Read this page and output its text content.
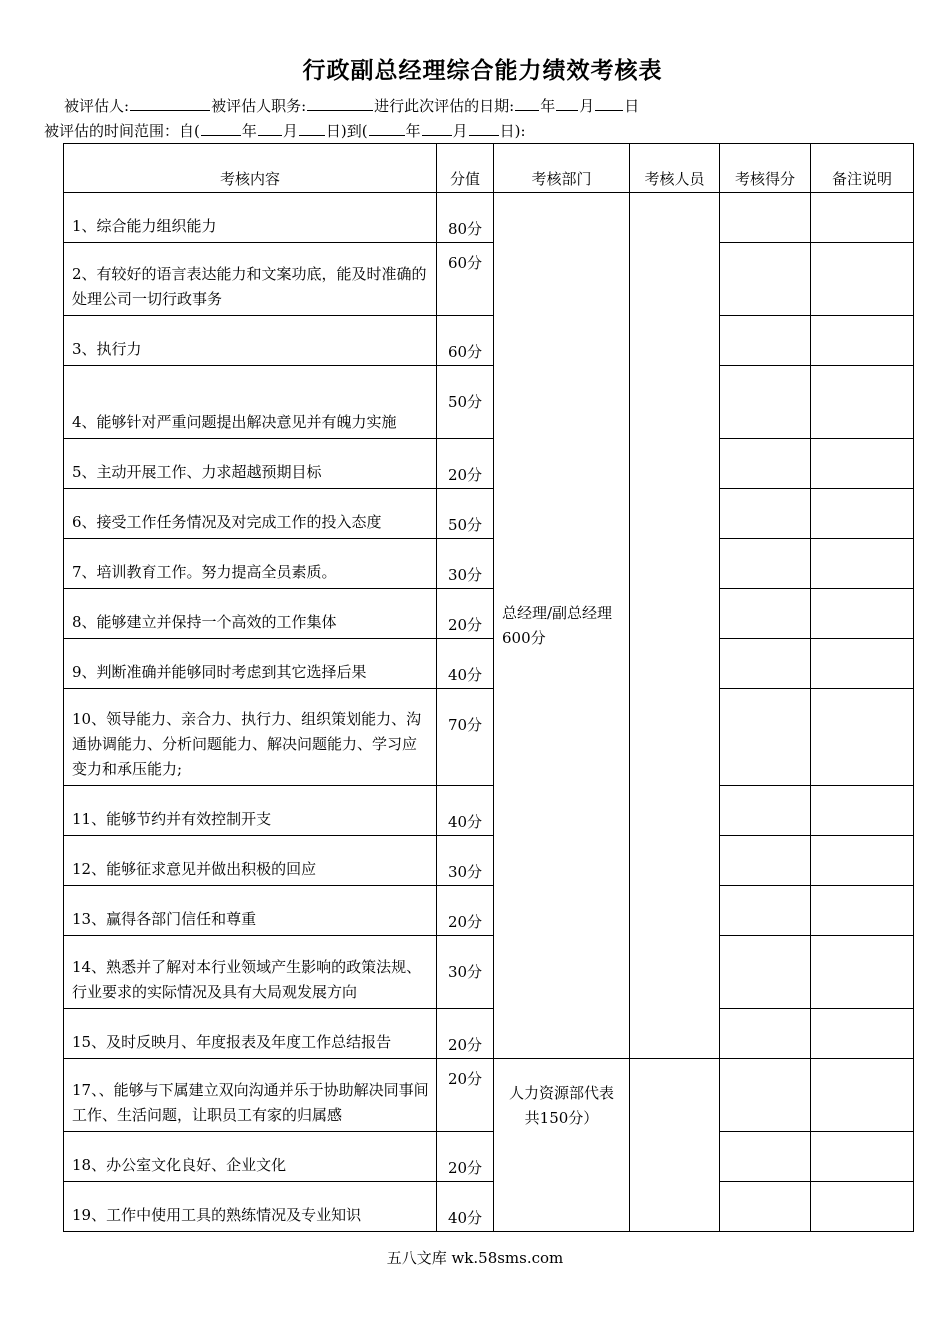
行政副总经理综合能力绩效考核表
被评估人:	被评估人职务:	进行此次评估的日期: 年 月 日
被评估的时间范围：自(	年 月 日)到(	年 月 日):
考核内容	分值	考核部门	考核人员	考核得分	备注说明
1、综合能力组织能力	80分	总经理/副总经理600分			
2、有较好的语言表达能力和文案功底，能及时准确的处理公司一切行政事务	60分				
3、执行力	60分				
4、能够针对严重问题提出解决意见并有魄力实施	50分				
5、主动开展工作、力求超越预期目标	20分				
6、接受工作任务情况及对完成工作的投入态度	50分				
7、培训教育工作。努力提高全员素质。	30分				
8、能够建立并保持一个高效的工作集体	20分				
9、判断准确并能够同时考虑到其它选择后果	40分				
10、领导能力、亲合力、执行力、组织策划能力、沟通协调能力、分析问题能力、解决问题能力、学习应变力和承压能力;	70分				
11、能够节约并有效控制开支	40分				
12、能够征求意见并做出积极的回应	30分				
13、赢得各部门信任和尊重	20分				
14、熟悉并了解对本行业领域产生影响的政策法规、行业要求的实际情况及具有大局观发展方向	30分				
15、及时反映月、年度报表及年度工作总结报告	20分				
17、、能够与下属建立双向沟通并乐于协助解决同事间工作、生活问题，让职员工有家的归属感	20分	人力资源部代表共150分）			
18、办公室文化良好、企业文化	20分				
19、工作中使用工具的熟练情况及专业知识	40分				
五八文库 wk.58sms.com
